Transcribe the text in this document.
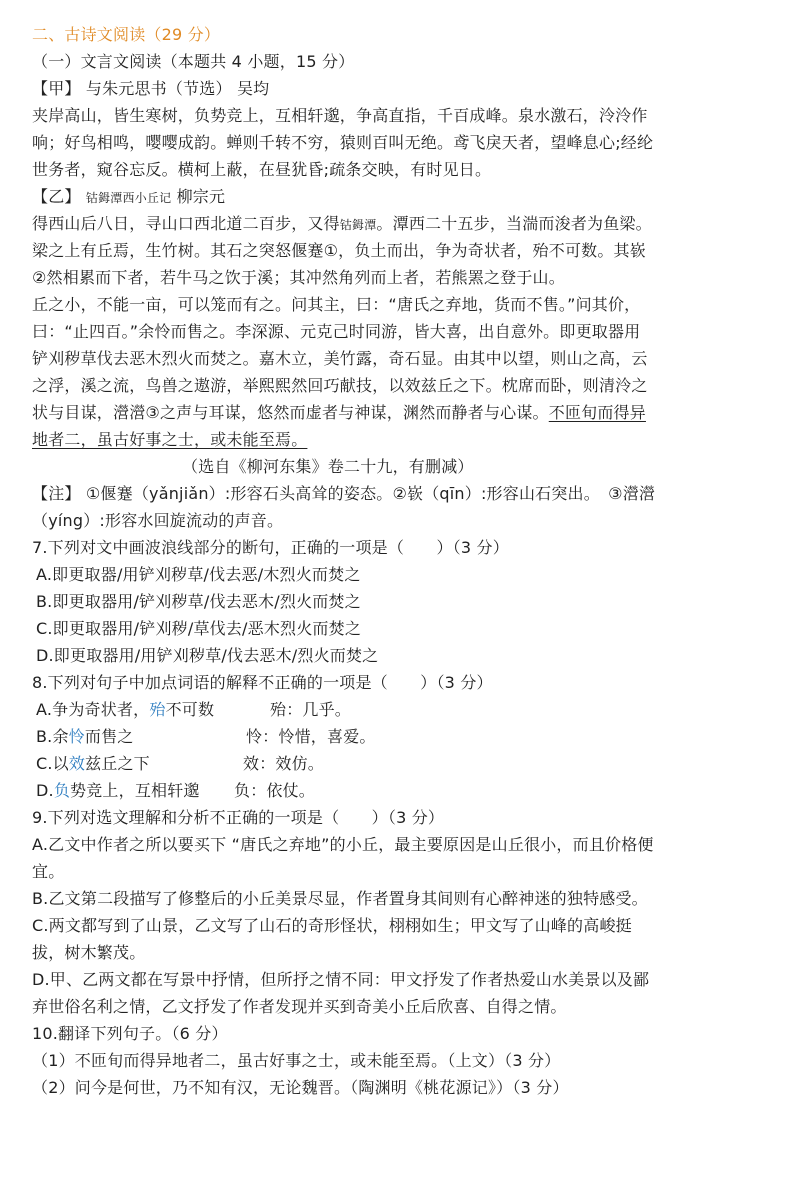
二、古诗文阅读（29 分）
（一）文言文阅读（本题共 4 小题，15 分）
【甲】 与朱元思书（节选） 吴均
夹岸高山，皆生寒树，负势竞上，互相轩邈，争高直指，千百成峰。泉水激石，泠泠作
响；好鸟相鸣，嘤嘤成韵。蝉则千转不穷，猿则百叫无绝。鸢飞戾天者，望峰息心;经纶
世务者，窥谷忘反。横柯上蔽，在昼犹昏;疏条交映，有时见日。
【乙】 钴鉧潭西小丘记 柳宗元
得西山后八日，寻山口西北道二百步，又得钴鉧潭。潭西二十五步，当湍而浚者为鱼梁。
梁之上有丘焉，生竹树。其石之突怒偃蹇①，负土而出，争为奇状者，殆不可数。其嵚
②然相累而下者，若牛马之饮于溪；其冲然角列而上者，若熊罴之登于山。
丘之小，不能一亩，可以笼而有之。问其主，曰：“唐氏之弃地，货而不售。”问其价，
曰：“止四百。”余怜而售之。李深源、元克己时同游，皆大喜，出自意外。即更取器用
铲刈秽草伐去恶木烈火而焚之。嘉木立，美竹露，奇石显。由其中以望，则山之高，云
之浮，溪之流，鸟兽之遨游，举熙熙然回巧献技，以效兹丘之下。枕席而卧，则清泠之
状与目谋，瀯瀯③之声与耳谋，悠然而虚者与神谋，渊然而静者与心谋。不匝旬而得异
地者二，虽古好事之士，或未能至焉。
（选自《柳河东集》卷二十九，有删减）
【注】 ①偃蹇（yǎnjiǎn）:形容石头高耸的姿态。②嵚（qīn）:形容山石突出。　③瀯瀯
（yíng）:形容水回旋流动的声音。
7.下列对文中画波浪线部分的断句，正确的一项是（　　）（3 分）
A.即更取器/用铲刈秽草/伐去恶/木烈火而焚之
B.即更取器用/铲刈秽草/伐去恶木/烈火而焚之
C.即更取器用/铲刈秽/草伐去/恶木烈火而焚之
D.即更取器用/用铲刈秽草/伐去恶木/烈火而焚之
8.下列对句子中加点词语的解释不正确的一项是（　　）（3 分）
A.争为奇状者，殆不可数	殆：几乎。
B.余怜而售之	怜：怜惜，喜爱。
C.以效兹丘之下	效：效仿。
D.负势竞上，互相轩邈 负：依仗。
9.下列对选文理解和分析不正确的一项是（　　）（3 分）
A.乙文中作者之所以要买下 “唐氏之弃地”的小丘，最主要原因是山丘很小，而且价格便
宜。
B.乙文第二段描写了修整后的小丘美景尽显，作者置身其间则有心醉神迷的独特感受。
C.两文都写到了山景，乙文写了山石的奇形怪状，栩栩如生；甲文写了山峰的高峻挺
拔，树木繁茂。
D.甲、乙两文都在写景中抒情，但所抒之情不同：甲文抒发了作者热爱山水美景以及鄙
弃世俗名利之情，乙文抒发了作者发现并买到奇美小丘后欣喜、自得之情。
10.翻译下列句子。（6 分）
（1）不匝旬而得异地者二，虽古好事之士，或未能至焉。（上文）（3 分）
（2）问今是何世，乃不知有汉，无论魏晋。（陶渊明《桃花源记》）（3 分）
